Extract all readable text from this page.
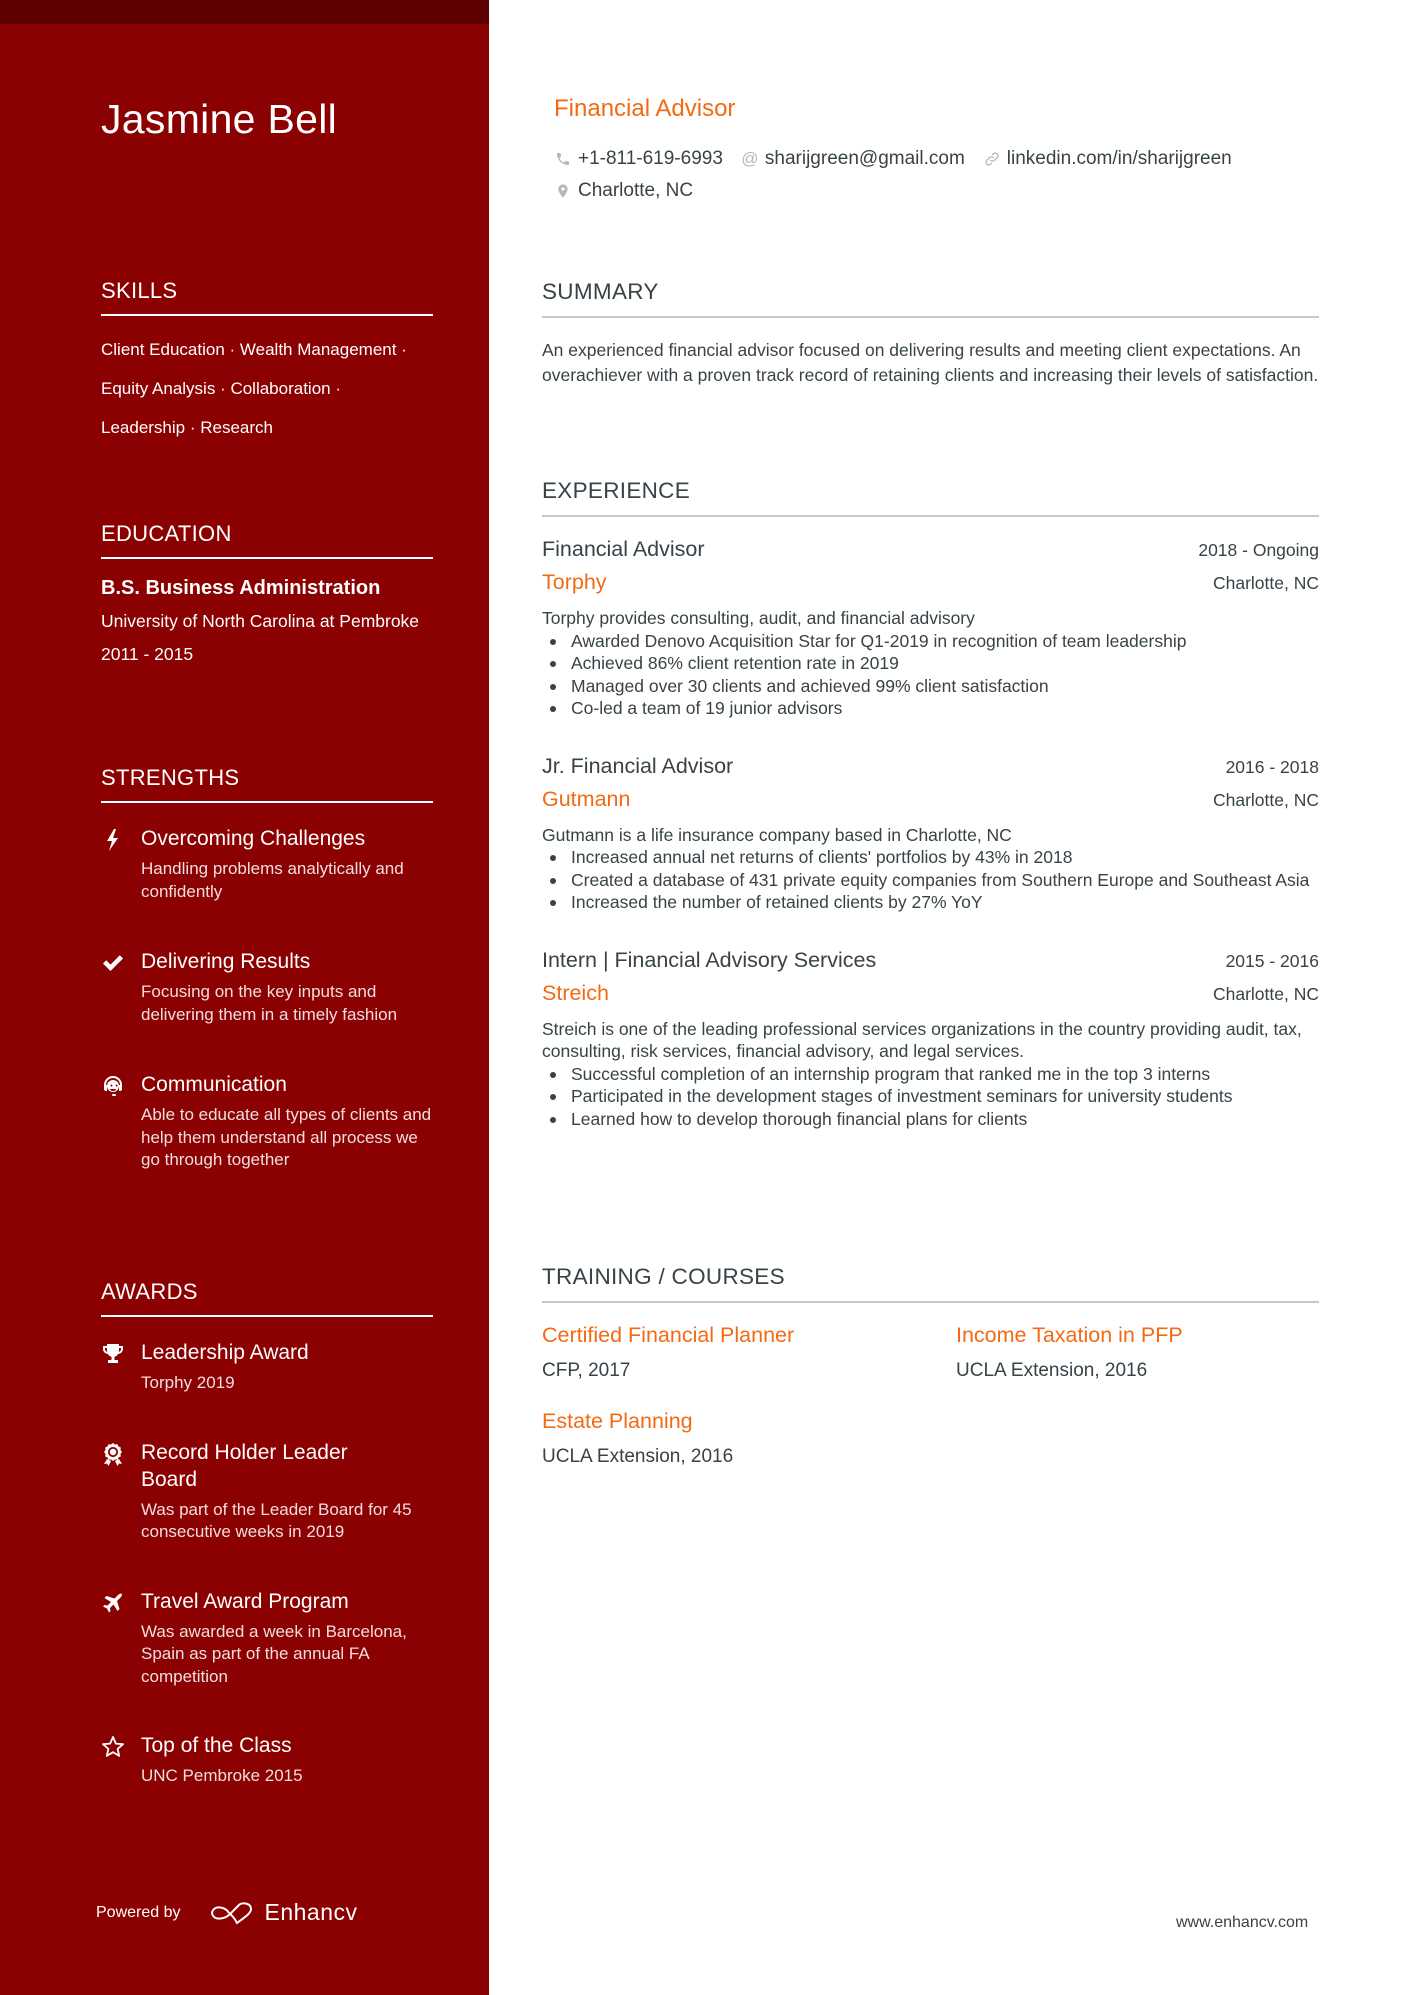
Jasmine Bell
SKILLS
Client Education · Wealth Management ·
Equity Analysis · Collaboration ·
Leadership · Research
EDUCATION
B.S. Business Administration
University of North Carolina at Pembroke
2011 - 2015
STRENGTHS
Overcoming Challenges
Handling problems analytically and confidently
Delivering Results
Focusing on the key inputs and delivering them in a timely fashion
Communication
Able to educate all types of clients and help them understand all process we go through together
AWARDS
Leadership Award
Torphy 2019
Record Holder Leader Board
Was part of the Leader Board for 45 consecutive weeks in 2019
Travel Award Program
Was awarded a week in Barcelona, Spain as part of the annual FA competition
Top of the Class
UNC Pembroke 2015
Powered by	Enhancv
Financial Advisor
+1-811-619-6993 @ sharijgreen@gmail.com linkedin.com/in/sharijgreen
Charlotte, NC
SUMMARY
An experienced financial advisor focused on delivering results and meeting client expectations. An overachiever with a proven track record of retaining clients and increasing their levels of satisfaction.
EXPERIENCE
Financial Advisor	2018 - Ongoing
Torphy	Charlotte, NC
Torphy provides consulting, audit, and financial advisory
Awarded Denovo Acquisition Star for Q1-2019 in recognition of team leadership
Achieved 86% client retention rate in 2019
Managed over 30 clients and achieved 99% client satisfaction
Co-led a team of 19 junior advisors
Jr. Financial Advisor	2016 - 2018
Gutmann	Charlotte, NC
Gutmann is a life insurance company based in Charlotte, NC
Increased annual net returns of clients' portfolios by 43% in 2018
Created a database of 431 private equity companies from Southern Europe and Southeast Asia
Increased the number of retained clients by 27% YoY
Intern | Financial Advisory Services	2015 - 2016
Streich	Charlotte, NC
Streich is one of the leading professional services organizations in the country providing audit, tax, consulting, risk services, financial advisory, and legal services.
Successful completion of an internship program that ranked me in the top 3 interns
Participated in the development stages of investment seminars for university students
Learned how to develop thorough financial plans for clients
TRAINING / COURSES
Certified Financial Planner
CFP, 2017
Income Taxation in PFP
UCLA Extension, 2016
Estate Planning
UCLA Extension, 2016
www.enhancv.com
